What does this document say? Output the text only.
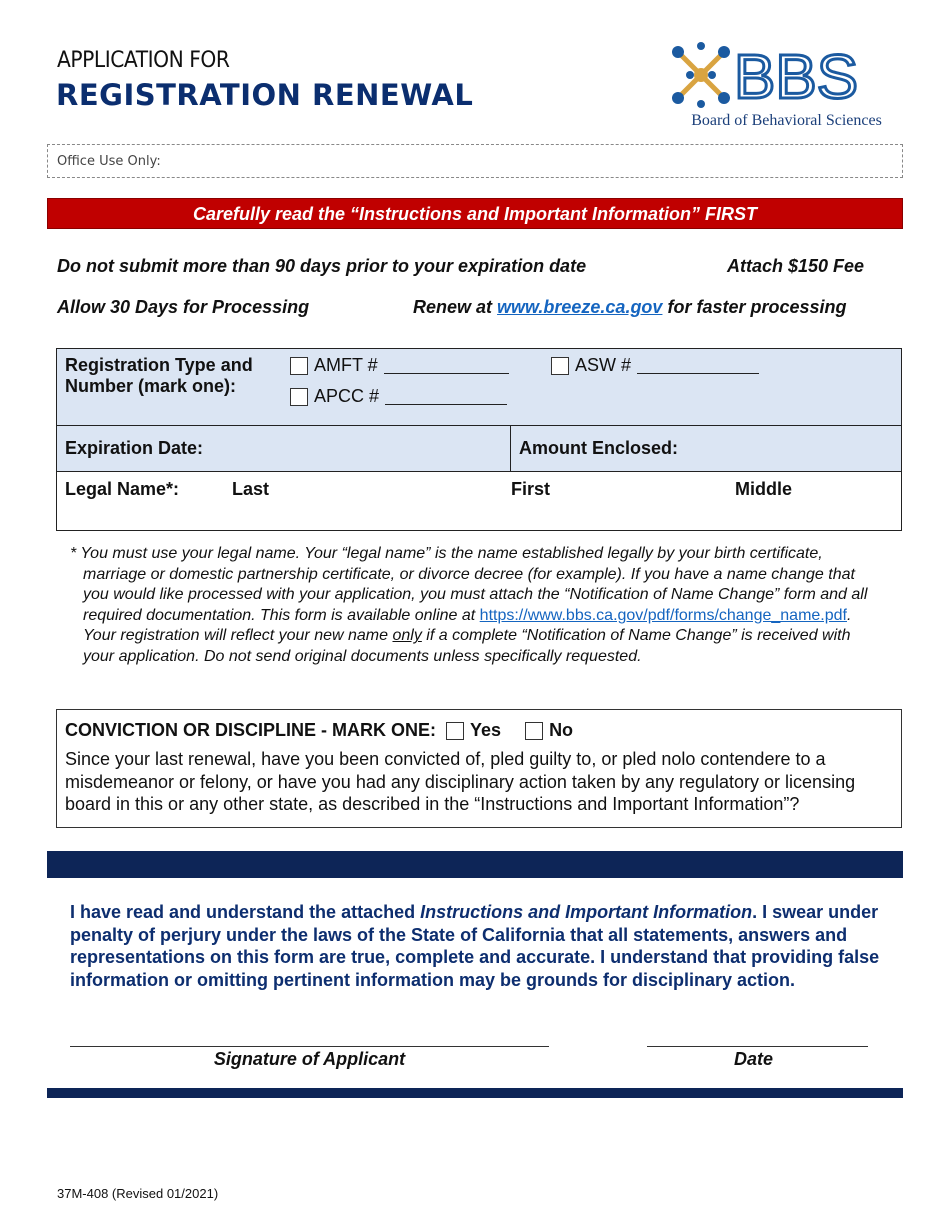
APPLICATION FOR
REGISTRATION RENEWAL	BBS
Board of Behavioral Sciences
Office Use Only:
Carefully read the “Instructions and Important Information” FIRST
Do not submit more than 90 days prior to your expiration date	Attach $150 Fee
Allow 30 Days for Processing	Renew at www.breeze.ca.gov for faster processing
Registration Type and
Number (mark one):
AMFT #	ASW #
APCC #
Expiration Date:	Amount Enclosed:
Legal Name*:	Last	First	Middle

* You must use your legal name. Your “legal name” is the name established legally by your birth certificate, marriage or domestic partnership certificate, or divorce decree (for example). If you have a name change that you would like processed with your application, you must attach the “Notification of Name Change” form and all required documentation. This form is available online at https://www.bbs.ca.gov/pdf/forms/change_name.pdf. Your registration will reflect your new name only if a complete “Notification of Name Change” is received with your application. Do not send original documents unless specifically requested.

CONVICTION OR DISCIPLINE - MARK ONE: Yes	No
Since your last renewal, have you been convicted of, pled guilty to, or pled nolo contendere to a misdemeanor or felony, or have you had any disciplinary action taken by any regulatory or licensing board in this or any other state, as described in the “Instructions and Important Information”?
I have read and understand the attached Instructions and Important Information. I swear under penalty of perjury under the laws of the State of California that all statements, answers and representations on this form are true, complete and accurate. I understand that providing false information or omitting pertinent information may be grounds for disciplinary action.
Signature of Applicant	Date
37M-408 (Revised 01/2021)
